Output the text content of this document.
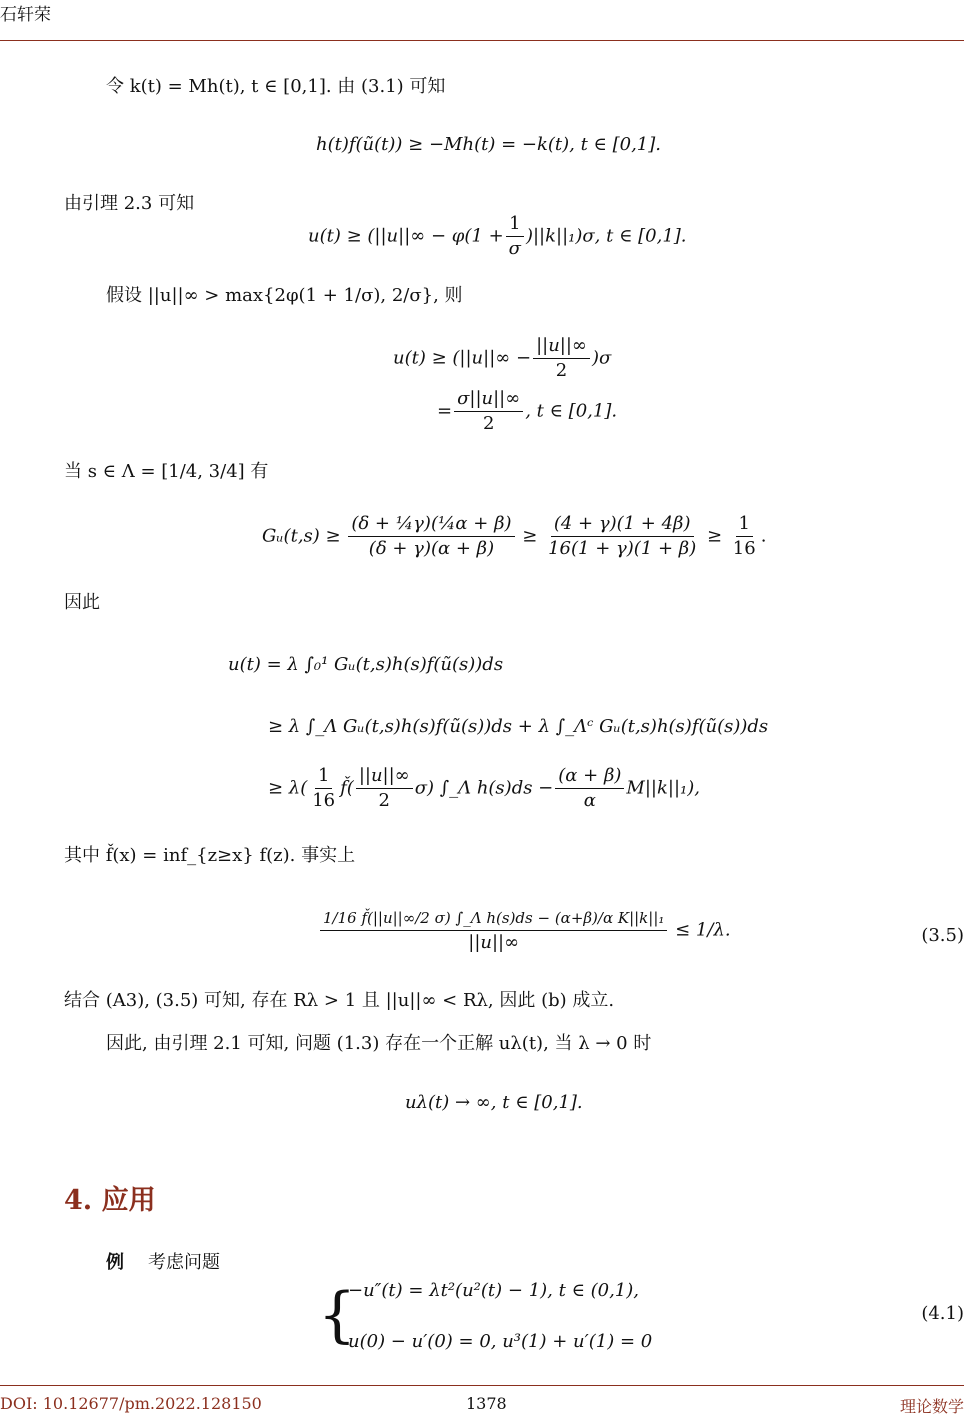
石轩荣
令 k(t) = Mh(t), t ∈ [0,1]. 由 (3.1) 可知
h(t)f(ũ(t)) ≥ −Mh(t) = −k(t), t ∈ [0,1].
由引理 2.3 可知
$u(t) \ge (||u||\infty - \varphi(1 + \frac{1}{\sigma} )||k||_1)\sigma$, t ∈ [0,1].
假设 ||u||∞ > max{2φ(1 + 1/σ), 2/σ}, 则
$u(t) \ge (||u||\infty - \frac{||u||\infty}{2} )\sigma$
= $\frac{\sigma||u||\infty}{2}$ , t ∈ [0,1].
当 s ∈ Λ = [1/4, 3/4] 有
Gᵤ(t,s) ≥ $\frac{\text{(δ + ¼γ)(¼α + β)}}{(\delta + \gamma)(\alpha + \beta)} \ge \frac{(4 + \gamma)(1 + 4\beta)}{16(1 + \gamma)(1 + \beta)} \ge \frac{1}{16}$ .
因此
u(t) = λ ∫₀¹ Gᵤ(t,s)h(s)f(ũ(s))ds
≥ λ ∫_Λ Gᵤ(t,s)h(s)f(ũ(s))ds + λ ∫_Λᶜ Gᵤ(t,s)h(s)f(ũ(s))ds
≥ $\lambda( \frac{1}{16}$ f̌( $\frac{||u||\infty}{2} \sigma$) ∫_Λ $h(s)ds - \frac{(\alpha + \beta)}{\alpha} M||k||_1$),
其中 f̌(x) = inf_{z≥x} f(z). 事实上
$\frac{\text{1/16 f̌(||u||∞/2 σ) ∫\_Λ h(s)ds − (α+β)/α K||k||₁}}{||u||\infty} \le 1/\lambda$.	(3.5)
结合 (A3), (3.5) 可知, 存在 Rλ > 1 且 ||u||∞ < Rλ, 因此 (b) 成立.
因此, 由引理 2.1 可知, 问题 (1.3) 存在一个正解 uλ(t), 当 λ → 0 时
uλ(t) → ∞, t ∈ [0,1].
4. 应用
例 考虑问题
{
−u″(t) = λt²(u²(t) − 1), t ∈ (0,1),
u(0) − u′(0) = 0, u³(1) + u′(1) = 0
(4.1)
DOI: 10.12677/pm.2022.128150	1378	理论数学
